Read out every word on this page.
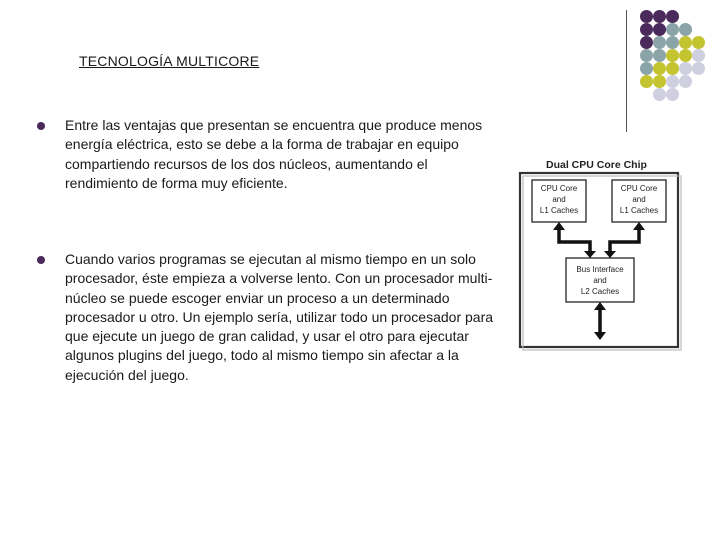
TECNOLOGÍA MULTICORE
Entre las ventajas que presentan se encuentra que produce menos energía eléctrica, esto se debe a la forma de trabajar en equipo compartiendo recursos de los dos núcleos, aumentando el rendimiento de forma muy eficiente.
Cuando varios programas se ejecutan al mismo tiempo en un solo procesador, éste empieza a volverse lento. Con un procesador multi-núcleo se puede escoger enviar un proceso a un determinado procesador u otro. Un ejemplo sería, utilizar todo un procesador para que ejecute un juego de gran calidad, y usar el otro para ejecutar algunos plugins del juego, todo al mismo tiempo sin afectar a la ejecución del juego.
Dual CPU Core Chip
CPU Core
and
L1 Caches
CPU Core
and
L1 Caches
Bus Interface
and
L2 Caches
